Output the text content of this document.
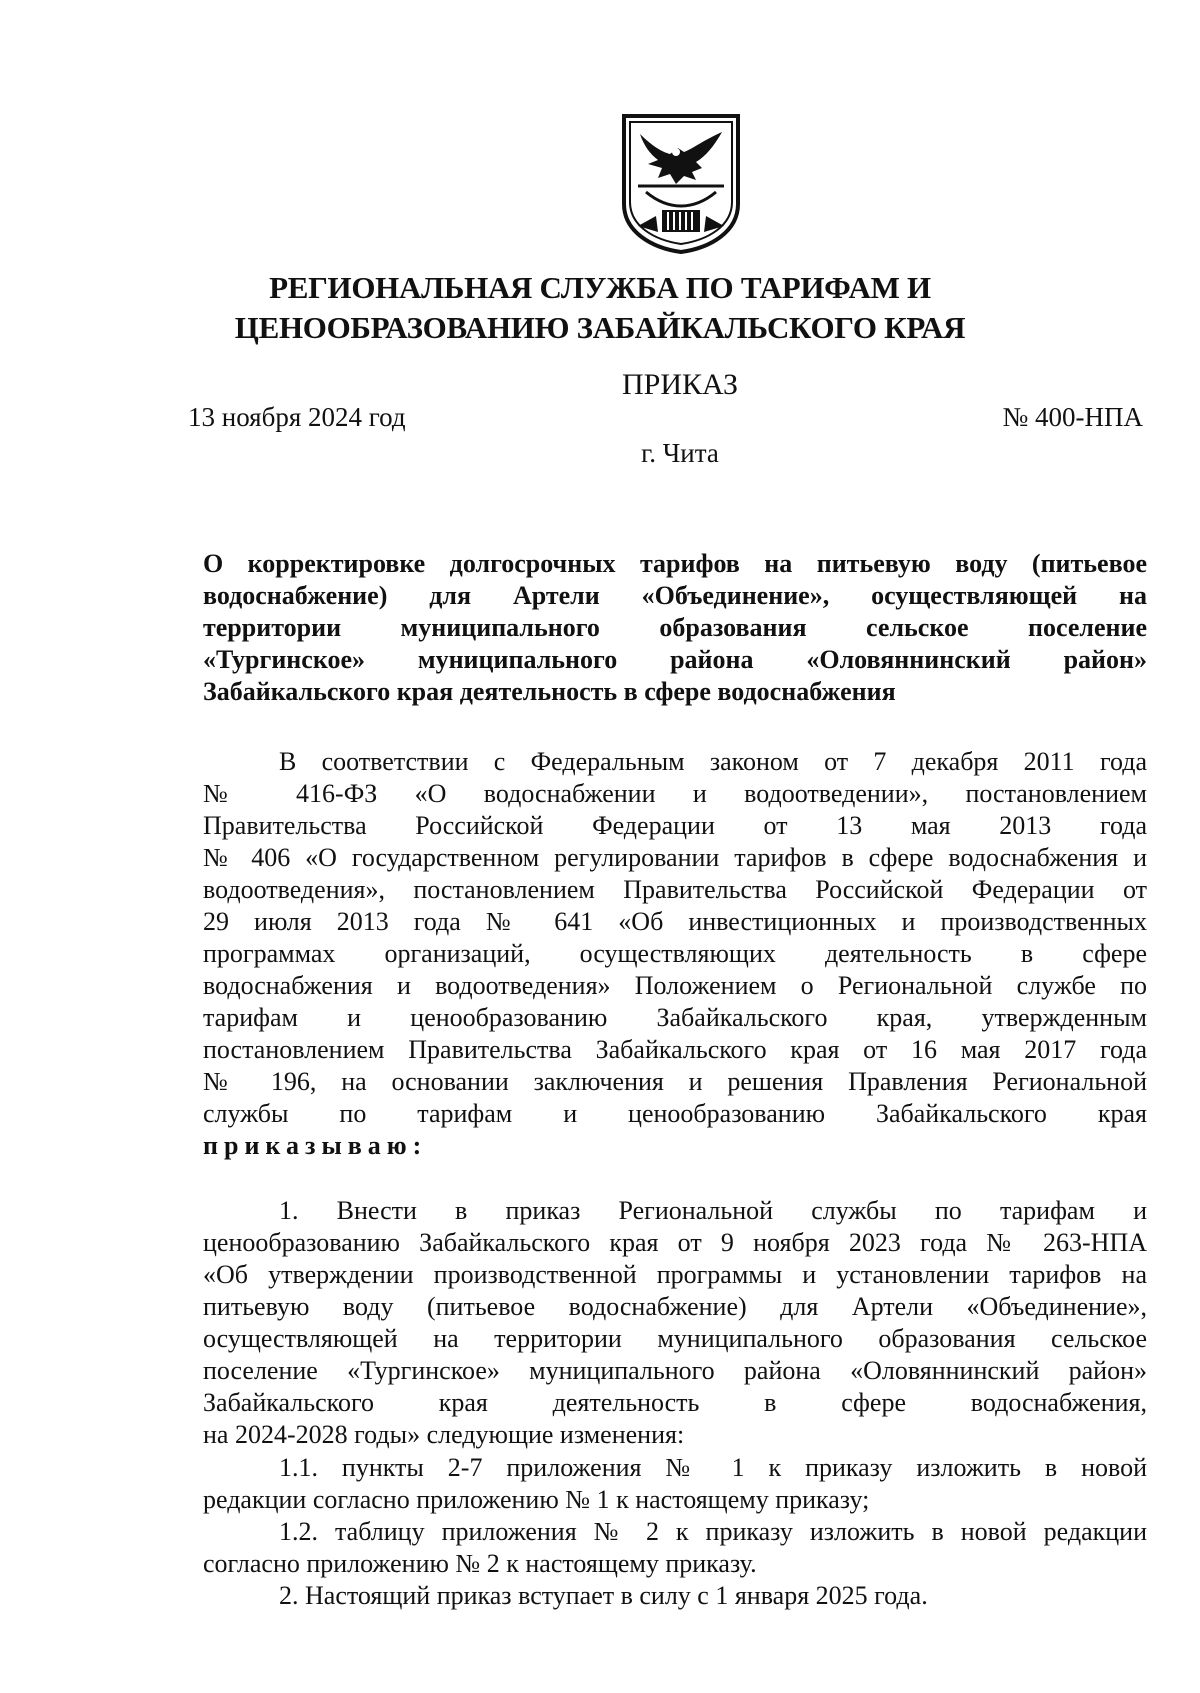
РЕГИОНАЛЬНАЯ СЛУЖБА ПО ТАРИФАМ И
ЦЕНООБРАЗОВАНИЮ ЗАБАЙКАЛЬСКОГО КРАЯ
ПРИКАЗ
13 ноября 2024 год	№ 400-НПА
г. Чита
О корректировке долгосрочных тарифов на питьевую воду (питьевое
водоснабжение) для Артели «Объединение», осуществляющей на
территории муниципального образования сельское поселение
«Тургинское» муниципального района «Оловяннинский район»
Забайкальского края деятельность в сфере водоснабжения
В соответствии с Федеральным законом от 7 декабря 2011 года
№ 416-ФЗ «О водоснабжении и водоотведении», постановлением
Правительства Российской Федерации от 13 мая 2013 года
№ 406 «О государственном регулировании тарифов в сфере водоснабжения и
водоотведения», постановлением Правительства Российской Федерации от
29 июля 2013 года № 641 «Об инвестиционных и производственных
программах организаций, осуществляющих деятельность в сфере
водоснабжения и водоотведения» Положением о Региональной службе по
тарифам и ценообразованию Забайкальского края, утвержденным
постановлением Правительства Забайкальского края от 16 мая 2017 года
№ 196, на основании заключения и решения Правления Региональной
службы по тарифам и ценообразованию Забайкальского края
приказываю:
1. Внести в приказ Региональной службы по тарифам и
ценообразованию Забайкальского края от 9 ноября 2023 года № 263-НПА
«Об утверждении производственной программы и установлении тарифов на
питьевую воду (питьевое водоснабжение) для Артели «Объединение»,
осуществляющей на территории муниципального образования сельское
поселение «Тургинское» муниципального района «Оловяннинский район»
Забайкальского края деятельность в сфере водоснабжения,
на 2024-2028 годы» следующие изменения:
1.1. пункты 2-7 приложения № 1 к приказу изложить в новой
редакции согласно приложению № 1 к настоящему приказу;
1.2. таблицу приложения № 2 к приказу изложить в новой редакции
согласно приложению № 2 к настоящему приказу.
2. Настоящий приказ вступает в силу с 1 января 2025 года.
